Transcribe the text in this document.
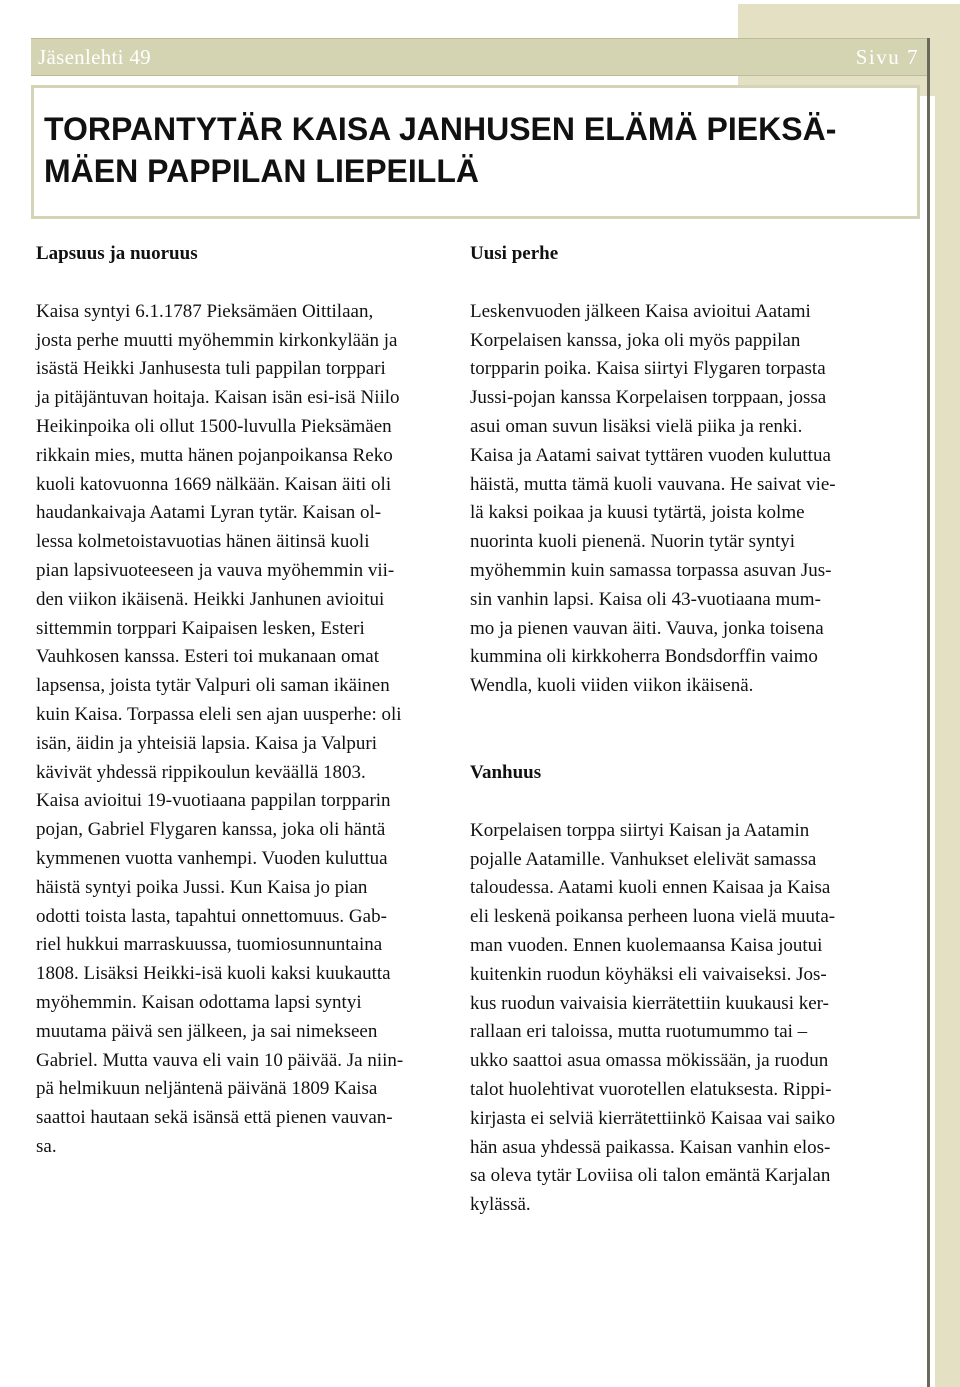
Jäsenlehti 49	Sivu 7
TORPANTYTÄR KAISA JANHUSEN ELÄMÄ PIEKSÄ-
MÄEN PAPPILAN LIEPEILLÄ
Lapsuus ja nuoruus

Kaisa syntyi 6.1.1787 Pieksämäen Oittilaan,
josta perhe muutti myöhemmin kirkonkylään ja
isästä Heikki Janhusesta tuli pappilan torppari
ja pitäjäntuvan hoitaja. Kaisan isän esi-isä Niilo
Heikinpoika oli ollut 1500-luvulla Pieksämäen
rikkain mies, mutta hänen pojanpoikansa Reko
kuoli katovuonna 1669 nälkään. Kaisan äiti oli
haudankaivaja Aatami Lyran tytär. Kaisan ol-
lessa kolmetoistavuotias hänen äitinsä kuoli
pian lapsivuoteeseen ja vauva myöhemmin vii-
den viikon ikäisenä. Heikki Janhunen avioitui
sittemmin torppari Kaipaisen lesken, Esteri
Vauhkosen kanssa. Esteri toi mukanaan omat
lapsensa, joista tytär Valpuri oli saman ikäinen
kuin Kaisa. Torpassa eleli sen ajan uusperhe: oli
isän, äidin ja yhteisiä lapsia. Kaisa ja Valpuri
kävivät yhdessä rippikoulun keväällä 1803.
Kaisa avioitui 19-vuotiaana pappilan torpparin
pojan, Gabriel Flygaren kanssa, joka oli häntä
kymmenen vuotta vanhempi. Vuoden kuluttua
häistä syntyi poika Jussi. Kun Kaisa jo pian
odotti toista lasta, tapahtui onnettomuus. Gab-
riel hukkui marraskuussa, tuomiosunnuntaina
1808. Lisäksi Heikki-isä kuoli kaksi kuukautta
myöhemmin. Kaisan odottama lapsi syntyi
muutama päivä sen jälkeen, ja sai nimekseen
Gabriel. Mutta vauva eli vain 10 päivää. Ja niin-
pä helmikuun neljäntenä päivänä 1809 Kaisa
saattoi hautaan sekä isänsä että pienen vauvan-
sa.

Uusi perhe

Leskenvuoden jälkeen Kaisa avioitui Aatami
Korpelaisen kanssa, joka oli myös pappilan
torpparin poika. Kaisa siirtyi Flygaren torpasta
Jussi-pojan kanssa Korpelaisen torppaan, jossa
asui oman suvun lisäksi vielä piika ja renki.
Kaisa ja Aatami saivat tyttären vuoden kuluttua
häistä, mutta tämä kuoli vauvana. He saivat vie-
lä kaksi poikaa ja kuusi tytärtä, joista kolme
nuorinta kuoli pienenä. Nuorin tytär syntyi
myöhemmin kuin samassa torpassa asuvan Jus-
sin vanhin lapsi. Kaisa oli 43-vuotiaana mum-
mo ja pienen vauvan äiti. Vauva, jonka toisena
kummina oli kirkkoherra Bondsdorffin vaimo
Wendla, kuoli viiden viikon ikäisenä.

Vanhuus

Korpelaisen torppa siirtyi Kaisan ja Aatamin
pojalle Aatamille. Vanhukset elelivät samassa
taloudessa. Aatami kuoli ennen Kaisaa ja Kaisa
eli leskenä poikansa perheen luona vielä muuta-
man vuoden. Ennen kuolemaansa Kaisa joutui
kuitenkin ruodun köyhäksi eli vaivaiseksi. Jos-
kus ruodun vaivaisia kierrätettiin kuukausi ker-
rallaan eri taloissa, mutta ruotumummo tai –
ukko saattoi asua omassa mökissään, ja ruodun
talot huolehtivat vuorotellen elatuksesta. Rippi-
kirjasta ei selviä kierrätettiinkö Kaisaa vai saiko
hän asua yhdessä paikassa. Kaisan vanhin elos-
sa oleva tytär Loviisa oli talon emäntä Karjalan
kylässä.
